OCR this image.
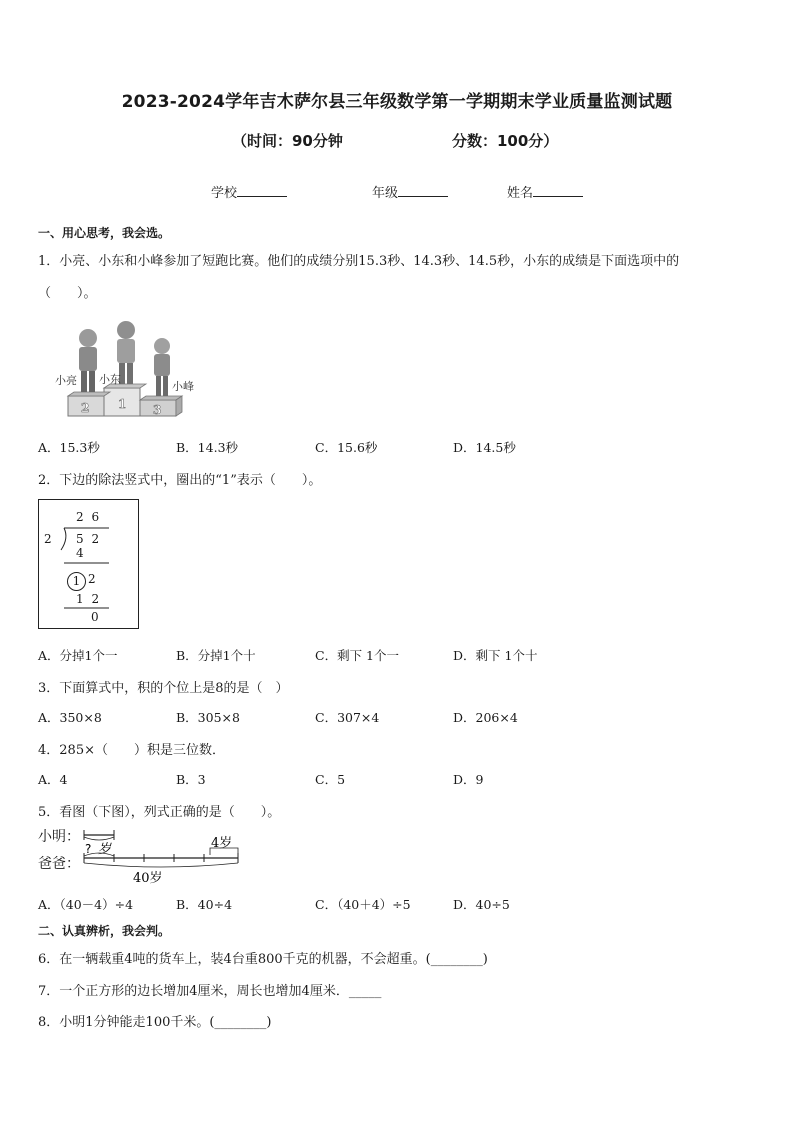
2023-2024学年吉木萨尔县三年级数学第一学期期末学业质量监测试题
（时间：90分钟	分数：100分）
学校	年级	姓名
一、用心思考，我会选。
1．小亮、小东和小峰参加了短跑比赛。他们的成绩分别15.3秒、14.3秒、14.5秒，小东的成绩是下面选项中的
（　　）。
小亮 小东
小峰
2 1 3
A．15.3秒	B．14.3秒	C．15.6秒	D．14.5秒
2．下边的除法竖式中，圈出的“1”表示（　　）。
2 6
2 5 2
4
1 2
1 2
0
A．分掉1个一	B．分掉1个十	C．剩下 1个一	D．剩下 1个十
3．下面算式中，积的个位上是8的是（　）
A．350×8	B．305×8	C．307×4	D．206×4
4．285×（　　）积是三位数．
A．4	B．3	C．5	D．9
5．看图（下图），列式正确的是（　　）。
小明：
爸爸：
? 岁	4岁
40岁
A．（40－4）÷4	B．40÷4	C．（40＋4）÷5	D．40÷5
二、认真辨析，我会判。
6．在一辆载重4吨的货车上，装4台重800千克的机器，不会超重。(________)
7．一个正方形的边长增加4厘米，周长也增加4厘米．_____
8．小明1分钟能走100千米。(________)
